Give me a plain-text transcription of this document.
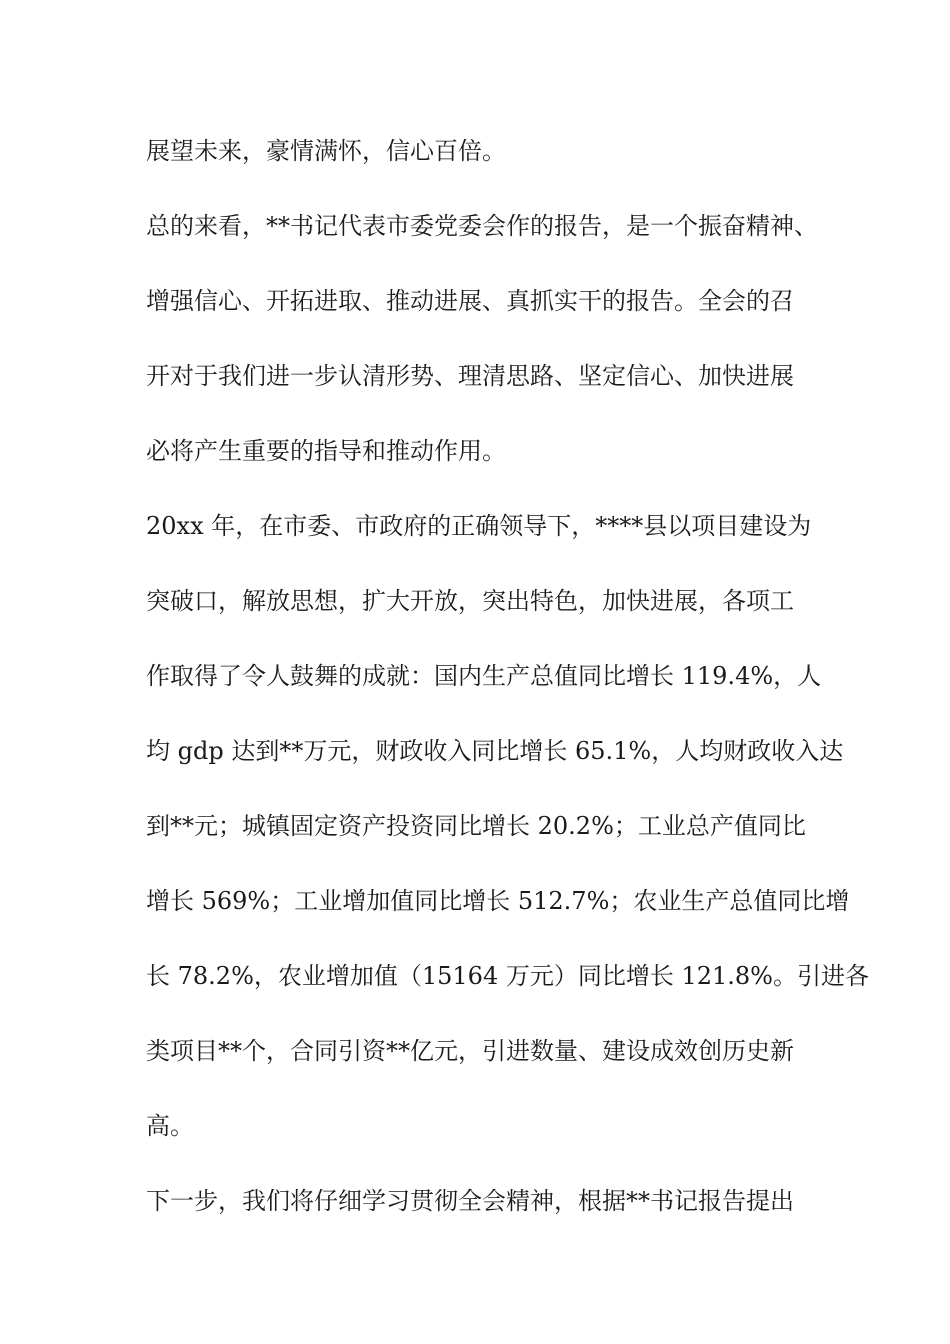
展望未来，豪情满怀，信心百倍。

总的来看，**书记代表市委党委会作的报告，是一个振奋精神、

增强信心、开拓进取、推动进展、真抓实干的报告。全会的召

开对于我们进一步认清形势、理清思路、坚定信心、加快进展

必将产生重要的指导和推动作用。

20xx 年，在市委、市政府的正确领导下，****县以项目建设为

突破口，解放思想，扩大开放，突出特色，加快进展，各项工

作取得了令人鼓舞的成就：国内生产总值同比增长 119.4%，人

均 gdp 达到**万元，财政收入同比增长 65.1%，人均财政收入达

到**元；城镇固定资产投资同比增长 20.2%；工业总产值同比

增长 569%；工业增加值同比增长 512.7%；农业生产总值同比增

长 78.2%，农业增加值（15164 万元）同比增长 121.8%。引进各

类项目**个，合同引资**亿元，引进数量、建设成效创历史新

高。

下一步，我们将仔细学习贯彻全会精神，根据**书记报告提出
